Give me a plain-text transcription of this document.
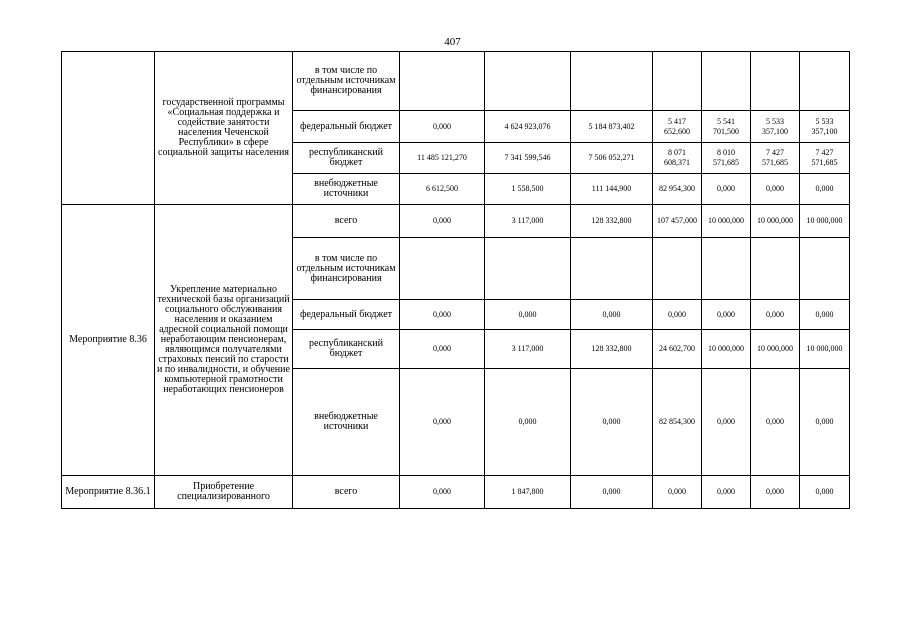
407
	государственной программы «Социальная поддержка и содействие занятости населения Чеченской Республики» в сфере социальной защиты населения	в том числе по отдельным источникам финансирования							
		федеральный бюджет	0,000	4 624 923,076	5 184 873,402	5 417 652,600	5 541 701,500	5 533 357,100	5 533 357,100
		республиканский бюджет	11 485 121,270	7 341 599,546	7 506 052,271	8 071 608,371	8 010 571,685	7 427 571,685	7 427 571,685
		внебюджетные источники	6 612,500	1 558,500	111 144,900	82 954,300	0,000	0,000	0,000
Мероприятие 8.36	Укрепление материально технической базы организаций социального обслуживания населения и оказанием адресной социальной помощи неработающим пенсионерам, являющимся получателями страховых пенсий по старости и по инвалидности, и обучение компьютерной грамотности неработающих пенсионеров	всего	0,000	3 117,000	128 332,800	107 457,000	10 000,000	10 000,000	10 000,000
		в том числе по отдельным источникам финансирования							
		федеральный бюджет	0,000	0,000	0,000	0,000	0,000	0,000	0,000
		республиканский бюджет	0,000	3 117,000	128 332,800	24 602,700	10 000,000	10 000,000	10 000,000
		внебюджетные источники	0,000	0,000	0,000	82 854,300	0,000	0,000	0,000
Мероприятие 8.36.1	Приобретение специализированного	всего	0,000	1 847,800	0,000	0,000	0,000	0,000	0,000
